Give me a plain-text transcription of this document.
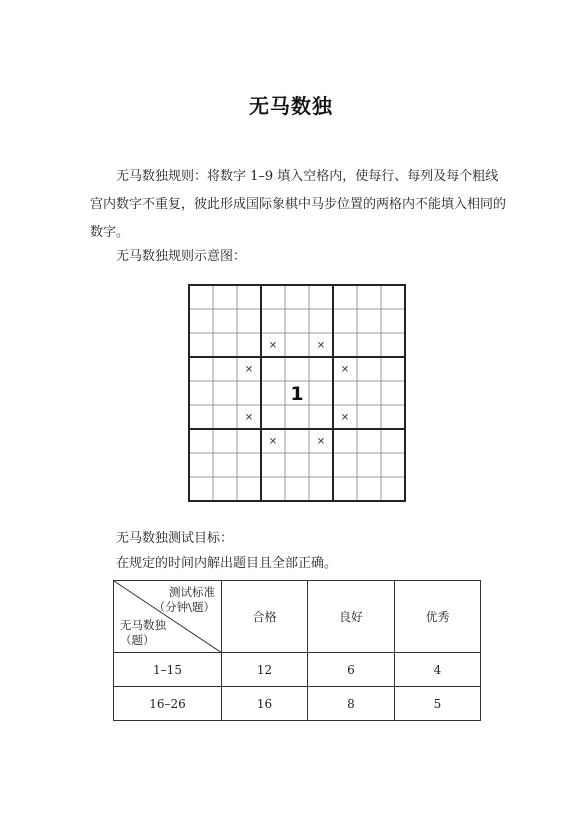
无马数独
无马数独规则：将数字 1–9 填入空格内，使每行、每列及每个粗线宫内数字不重复，彼此形成国际象棋中马步位置的两格内不能填入相同的数字。
无马数独规则示意图：
1
✕	✕
✕	✕
✕	✕
✕	✕
无马数独测试目标：
在规定的时间内解出题目且全部正确。
测试标准
（分钟\题）
无马数独
（题）	合格	良好	优秀
1–15	12	6	4
16–26	16	8	5
